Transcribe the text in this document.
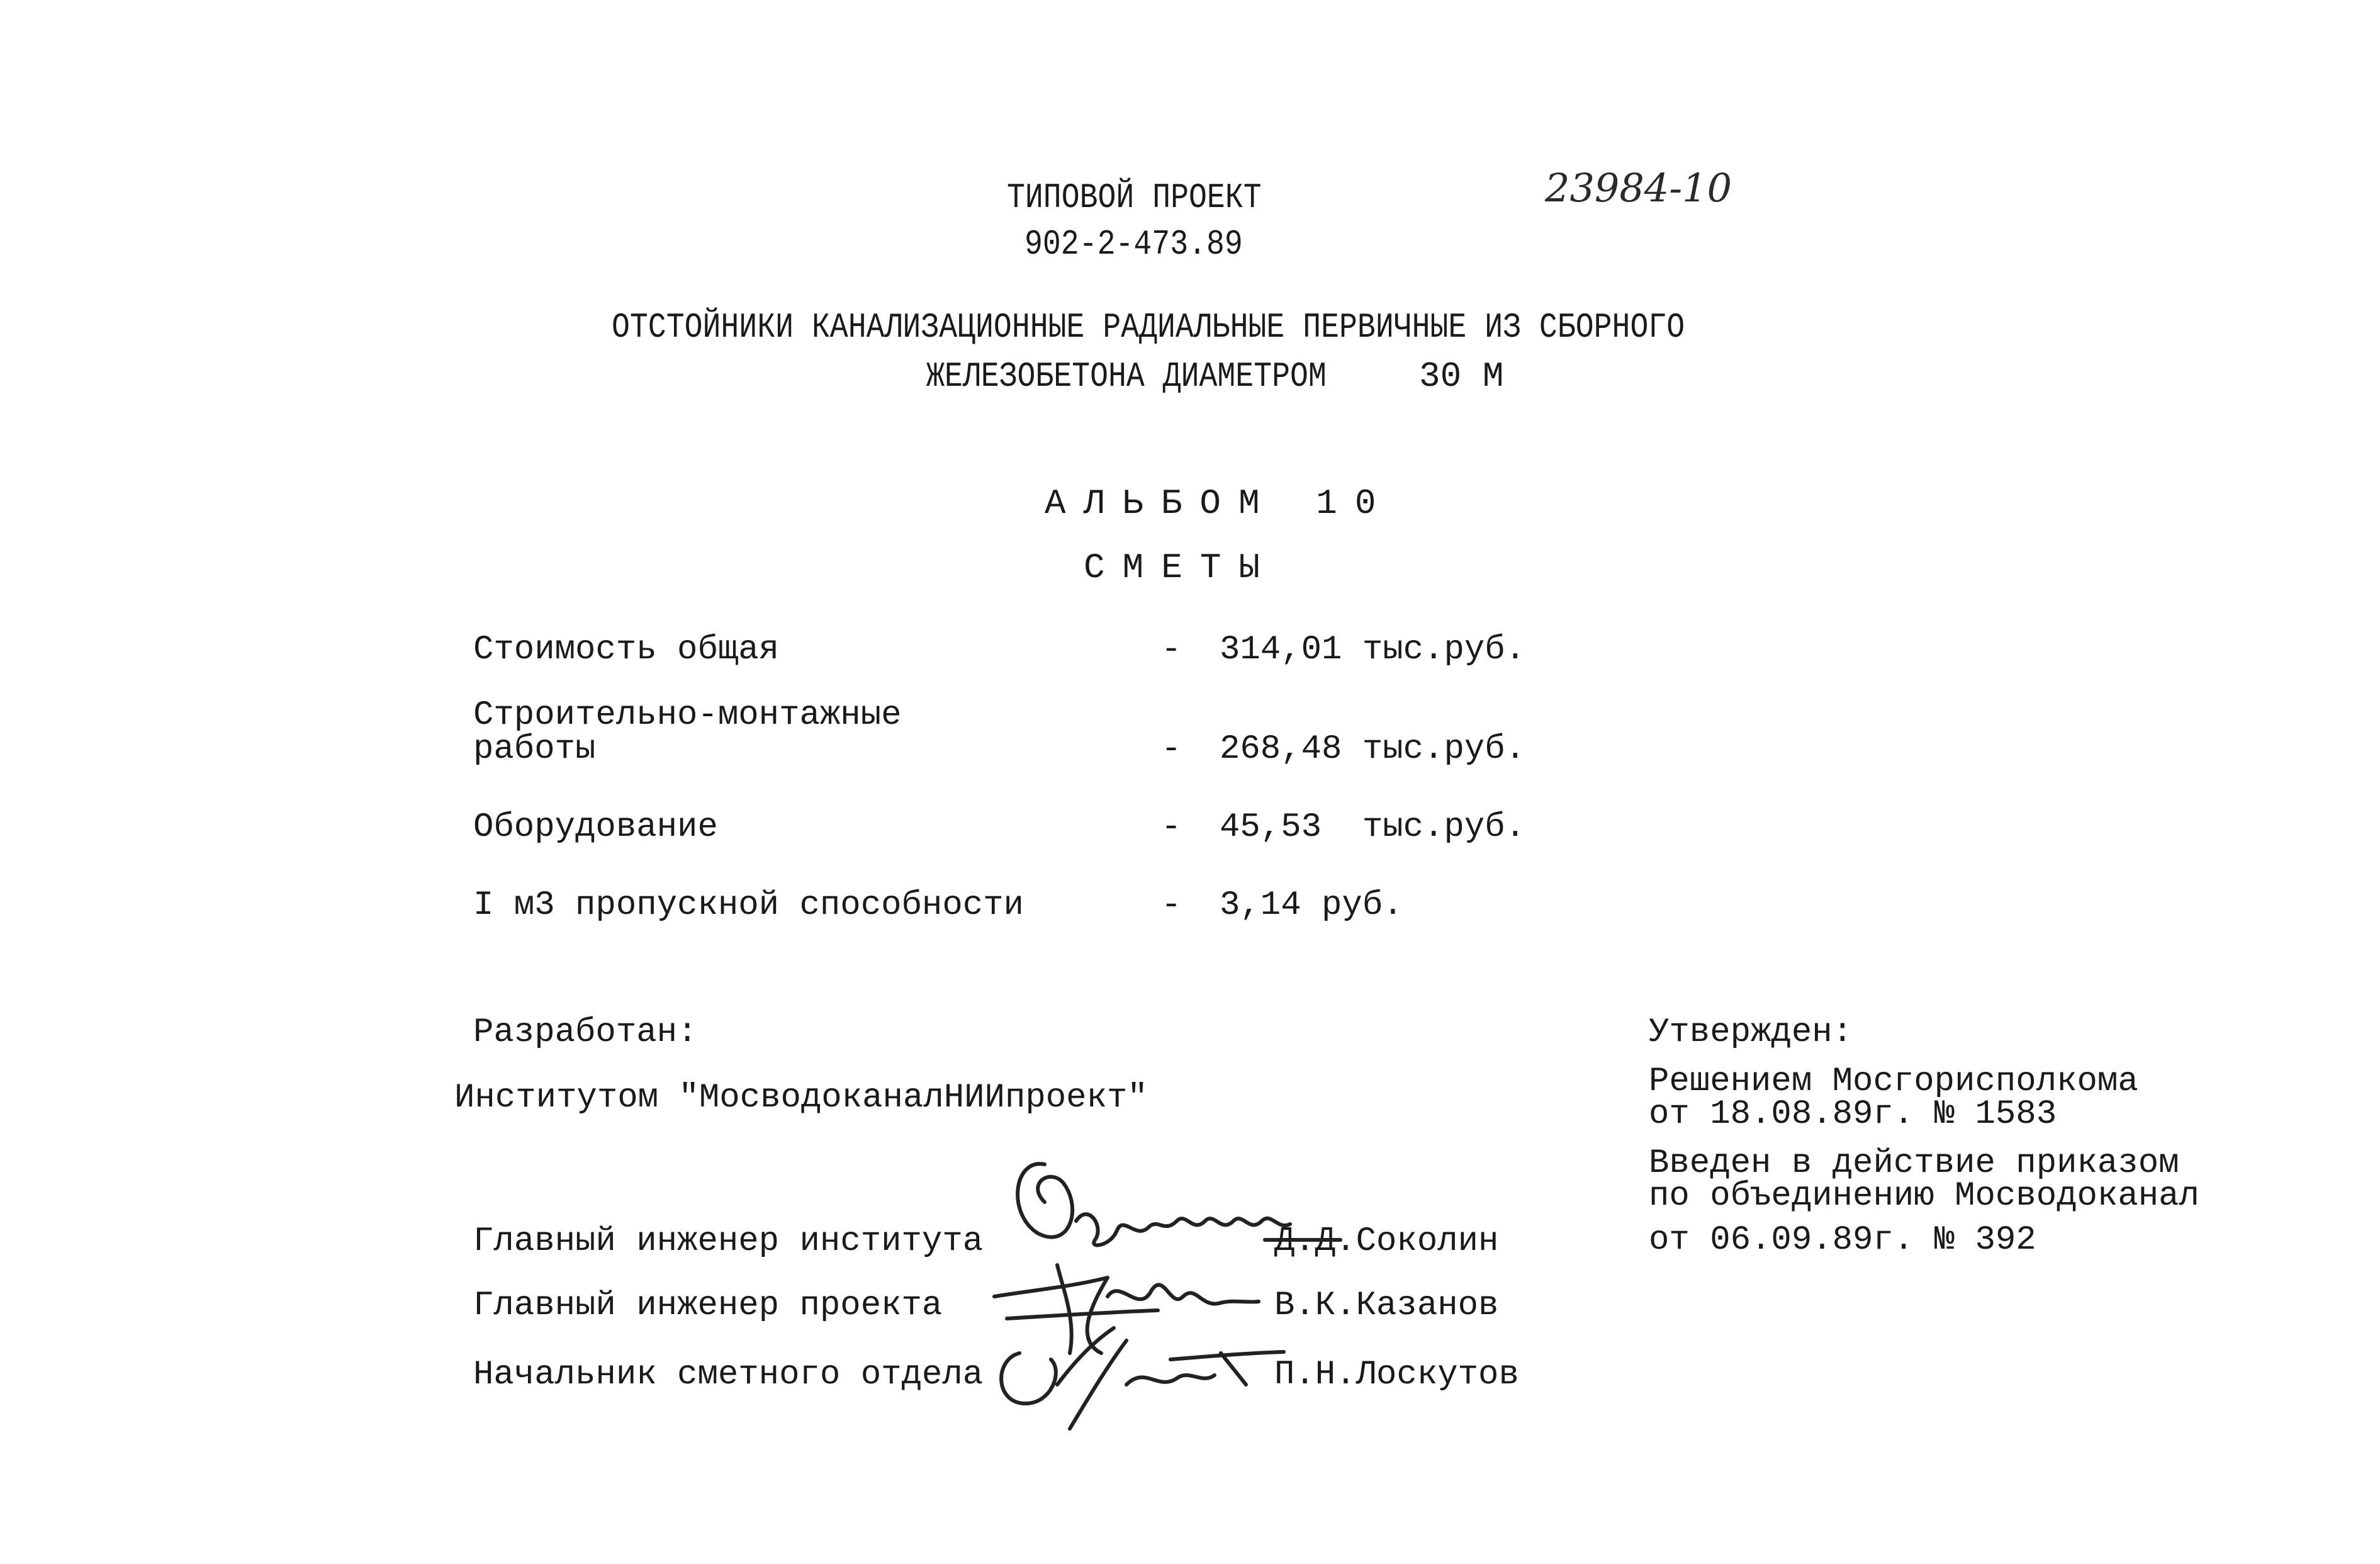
ТИПОВОЙ ПРОЕКТ
902-2-473.89
23984-10
ОТСТОЙНИКИ КАНАЛИЗАЦИОННЫЕ РАДИАЛЬНЫЕ ПЕРВИЧНЫЕ ИЗ СБОРНОГО
ЖЕЛЕЗОБЕТОНА ДИАМЕТРОМ	30 М
АЛЬБОМ 10
СМЕТЫ
Стоимость общая	- 314,01 тыс.руб.
Строительно-монтажные
работы	- 268,48 тыс.руб.
Оборудование	- 45,53  тыс.руб.
I м3 пропускной способности	- 3,14 руб.
Разработан:
Институтом "МосводоканалНИИпроект"
Утвержден:
Решением Мосгорисполкома
от 18.08.89г. № 1583
Введен в действие приказом
по объединению Мосводоканал
от 06.09.89г. № 392
Главный инженер института	Д.Д.Соколин
Главный инженер проекта	В.К.Казанов
Начальник сметного отдела	П.Н.Лоскутов
